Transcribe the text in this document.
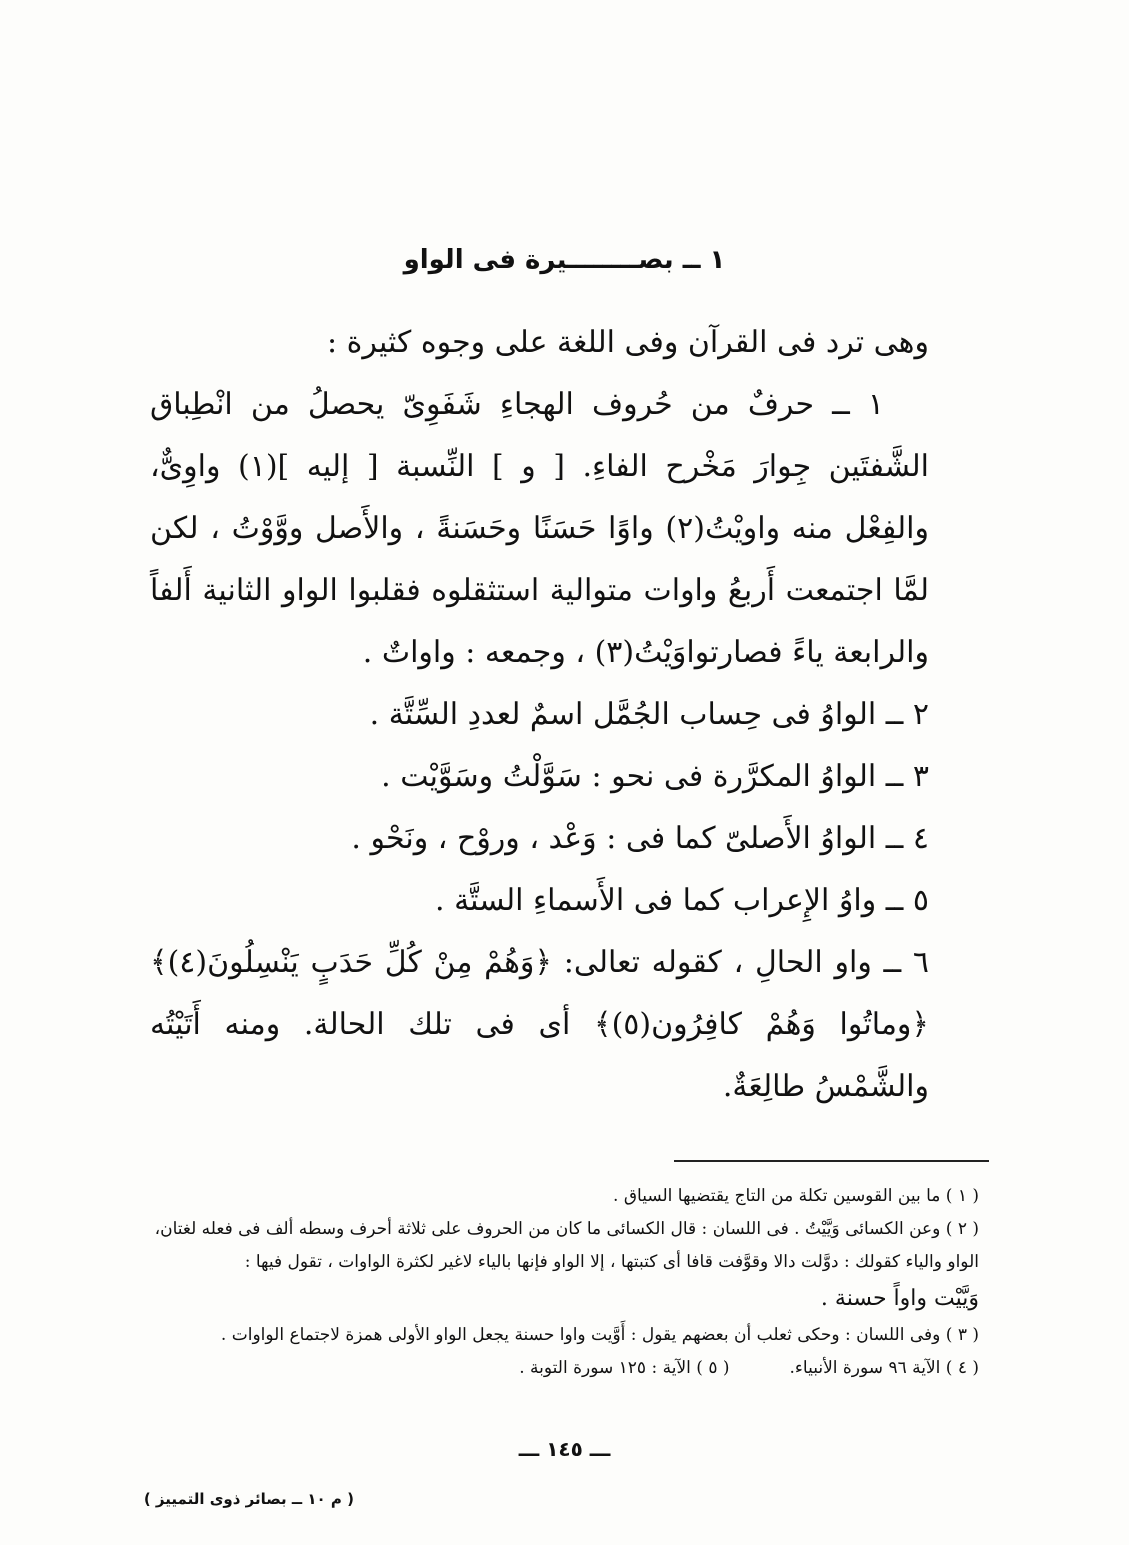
١ ــ بصــــــــيرة فى الواو
وهى ترد فى القرآن وفى اللغة على وجوه كثيرة :
١ ــ حرفٌ من حُروف الهجاءِ شَفَوِىّ يحصلُ من انْطِباق الشَّفتَين جِوارَ مَخْرح الفاءِ. [ و ] النِّسبة [ إليه ](١) واوِىٌّ، والفِعْل منه واويْتُ(٢) واوًا حَسَنًا وحَسَنةً ، والأَصل ووَّوْتُ ، لكن لمَّا اجتمعت أَربعُ واوات متوالية استثقلوه فقلبوا الواو الثانية أَلفاً والرابعة ياءً فصارتواوَيْتُ(٣) ، وجمعه : واواتٌ .
٢ ــ الواوُ فى حِساب الجُمَّل اسمٌ لعددِ السِّتَّة .
٣ ــ الواوُ المكرَّرة فى نحو : سَوَّلْتُ وسَوَّيْت .
٤ ــ الواوُ الأَصلىّ كما فى : وَعْد ، وروْح ، ونَحْو .
٥ ــ واوُ الإِعراب كما فى الأَسماءِ الستَّة .
٦ ــ واو الحالِ ، كقوله تعالى: ﴿وَهُمْ مِنْ كُلِّ حَدَبٍ يَنْسِلُونَ(٤)﴾ ﴿وماتُوا وَهُمْ كافِرُون(٥)﴾ أى فى تلك الحالة. ومنه أَتَيْتُه والشَّمْسُ طالِعَةٌ.
( ١ ) ما بين القوسين تكلة من التاج يقتضيها السياق .
( ٢ ) وعن الكسائى وَيَّيْتُ . فى اللسان : قال الكسائى ما كان من الحروف على ثلاثة أحرف وسطه ألف فى فعله لغتان،
الواو والياء كقولك : دوَّلت دالا وقوَّفت قافا أى كتبتها ، إلا الواو فإنها بالياء لاغير لكثرة الواوات ، تقول فيها :
وَيَّيْت واواً حسنة .
( ٣ ) وفى اللسان : وحكى ثعلب أن بعضهم يقول : أَوَّيت واوا حسنة يجعل الواو الأولى همزة لاجتماع الواوات .
( ٤ ) الآية ٩٦ سورة الأنبياء.
( ٥ ) الآية : ١٢٥ سورة التوبة .
ـــ ١٤٥ ـــ
( م ١٠ ــ بصائر ذوى التمييز )
